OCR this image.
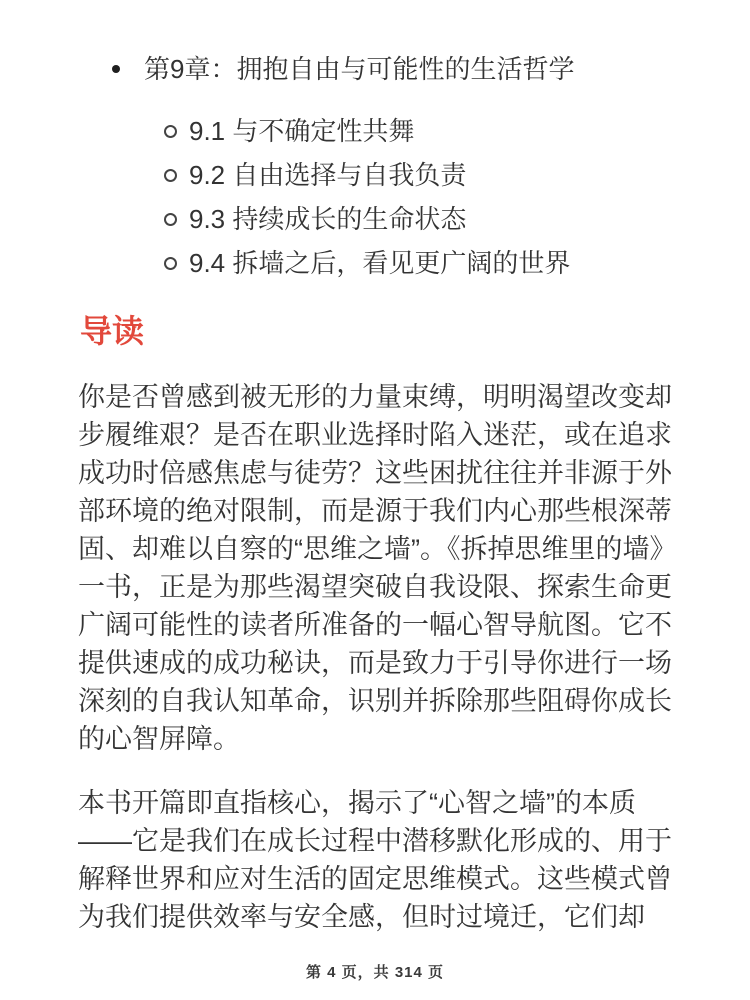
第9章：拥抱自由与可能性的生活哲学
9.1 与不确定性共舞
9.2 自由选择与自我负责
9.3 持续成长的生命状态
9.4 拆墙之后，看见更广阔的世界
导读

你是否曾感到被无形的力量束缚，明明渴望改变却步履维艰？是否在职业选择时陷入迷茫，或在追求成功时倍感焦虑与徒劳？这些困扰往往并非源于外部环境的绝对限制，而是源于我们内心那些根深蒂固、却难以自察的“思维之墙”。《拆掉思维里的墙》一书，正是为那些渴望突破自我设限、探索生命更广阔可能性的读者所准备的一幅心智导航图。它不提供速成的成功秘诀，而是致力于引导你进行一场深刻的自我认知革命，识别并拆除那些阻碍你成长的心智屏障。

本书开篇即直指核心，揭示了“心智之墙”的本质——它是我们在成长过程中潜移默化形成的、用于解释世界和应对生活的固定思维模式。这些模式曾为我们提供效率与安全感，但时过境迁，它们却

第 4 页，共 314 页
